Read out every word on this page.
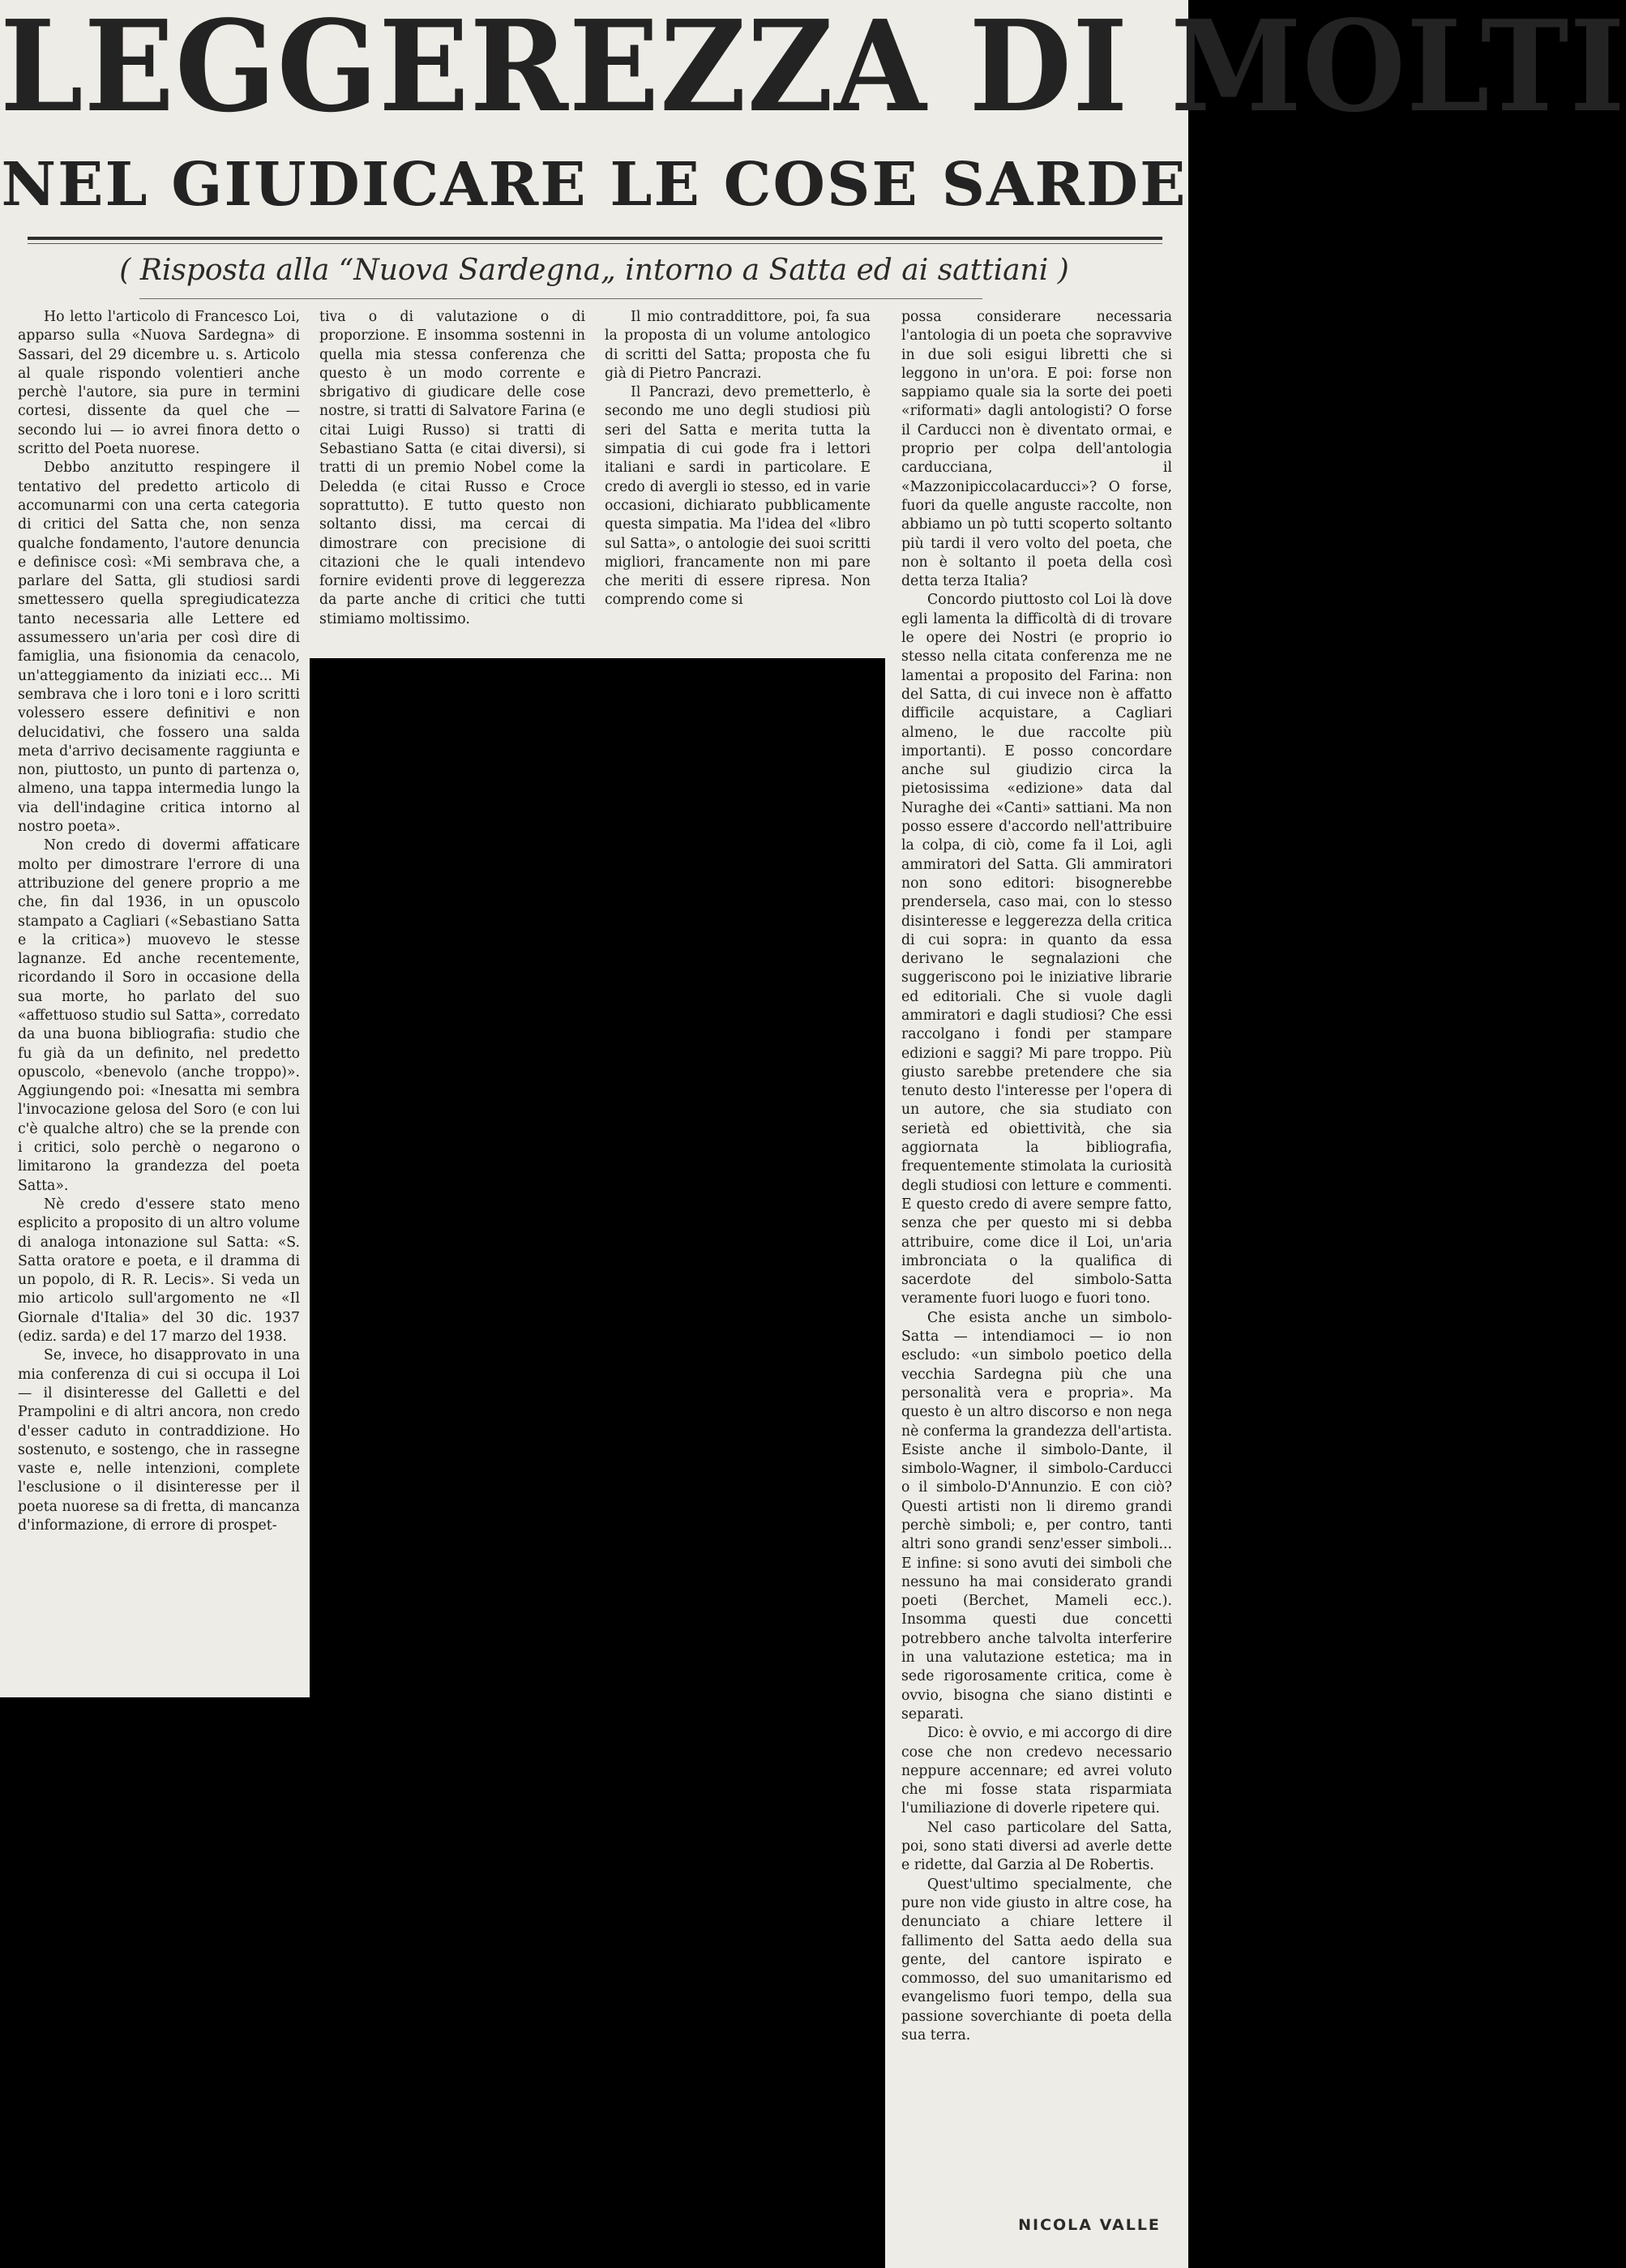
LEGGEREZZA DI MOLTI
NEL GIUDICARE LE COSE SARDE
( Risposta alla “Nuova Sardegna„ intorno a Satta ed ai sattiani )

Ho letto l'articolo di Francesco Loi, apparso sulla «Nuova Sardegna» di Sassari, del 29 dicembre u. s. Articolo al quale rispondo volentieri anche perchè l'autore, sia pure in termini cortesi, dissente da quel che — secondo lui — io avrei finora detto o scritto del Poeta nuorese.

Debbo anzitutto respingere il tentativo del predetto articolo di accomunarmi con una certa categoria di critici del Satta che, non senza qualche fondamento, l'autore denuncia e definisce così: «Mi sembrava che, a parlare del Satta, gli studiosi sardi smettessero quella spregiudicatezza tanto necessaria alle Lettere ed assumessero un'aria per così dire di famiglia, una fisionomia da cenacolo, un'atteggiamento da iniziati ecc... Mi sembrava che i loro toni e i loro scritti volessero essere definitivi e non delucidativi, che fossero una salda meta d'arrivo decisamente raggiunta e non, piuttosto, un punto di partenza o, almeno, una tappa intermedia lungo la via dell'indagine critica intorno al nostro poeta».

Non credo di dovermi affaticare molto per dimostrare l'errore di una attribuzione del genere proprio a me che, fin dal 1936, in un opuscolo stampato a Cagliari («Sebastiano Satta e la critica») muovevo le stesse lagnanze. Ed anche recentemente, ricordando il Soro in occasione della sua morte, ho parlato del suo «affettuoso studio sul Satta», corredato da una buona bibliografia: studio che fu già da un definito, nel predetto opuscolo, «benevolo (anche troppo)». Aggiungendo poi: «Inesatta mi sembra l'invocazione gelosa del Soro (e con lui c'è qualche altro) che se la prende con i critici, solo perchè o negarono o limitarono la grandezza del poeta Satta».

Nè credo d'essere stato meno esplicito a proposito di un altro volume di analoga intonazione sul Satta: «S. Satta oratore e poeta, e il dramma di un popolo, di R. R. Lecis». Si veda un mio articolo sull'argomento ne «Il Giornale d'Italia» del 30 dic. 1937 (ediz. sarda) e del 17 marzo del 1938.

Se, invece, ho disapprovato in una mia conferenza di cui si occupa il Loi — il disinteresse del Galletti e del Prampolini e di altri ancora, non credo d'esser caduto in contraddizione. Ho sostenuto, e sostengo, che in rassegne vaste e, nelle intenzioni, complete l'esclusione o il disinteresse per il poeta nuorese sa di fretta, di mancanza d'informazione, di errore di prospet-

tiva o di valutazione o di proporzione. E insomma sostenni in quella mia stessa conferenza che questo è un modo corrente e sbrigativo di giudicare delle cose nostre, si tratti di Salvatore Farina (e citai Luigi Russo) si tratti di Sebastiano Satta (e citai diversi), si tratti di un premio Nobel come la Deledda (e citai Russo e Croce soprattutto). E tutto questo non soltanto dissi, ma cercai di dimostrare con precisione di citazioni che le quali intendevo fornire evidenti prove di leggerezza da parte anche di critici che tutti stimiamo moltissimo.

Il mio contraddittore, poi, fa sua la proposta di un volume antologico di scritti del Satta; proposta che fu già di Pietro Pancrazi.

Il Pancrazi, devo premetterlo, è secondo me uno degli studiosi più seri del Satta e merita tutta la simpatia di cui gode fra i lettori italiani e sardi in particolare. E credo di avergli io stesso, ed in varie occasioni, dichiarato pubblicamente questa simpatia. Ma l'idea del «libro sul Satta», o antologie dei suoi scritti migliori, francamente non mi pare che meriti di essere ripresa. Non comprendo come si

possa considerare necessaria l'antologia di un poeta che sopravvive in due soli esigui libretti che si leggono in un'ora. E poi: forse non sappiamo quale sia la sorte dei poeti «riformati» dagli antologisti? O forse il Carducci non è diventato ormai, e proprio per colpa dell'antologia carducciana, il «Mazzonipiccolacarducci»? O forse, fuori da quelle anguste raccolte, non abbiamo un pò tutti scoperto soltanto più tardi il vero volto del poeta, che non è soltanto il poeta della così detta terza Italia?

Concordo piuttosto col Loi là dove egli lamenta la difficoltà di di trovare le opere dei Nostri (e proprio io stesso nella citata conferenza me ne lamentai a proposito del Farina: non del Satta, di cui invece non è affatto difficile acquistare, a Cagliari almeno, le due raccolte più importanti). E posso concordare anche sul giudizio circa la pietosissima «edizione» data dal Nuraghe dei «Canti» sattiani. Ma non posso essere d'accordo nell'attribuire la colpa, di ciò, come fa il Loi, agli ammiratori del Satta. Gli ammiratori non sono editori: bisognerebbe prendersela, caso mai, con lo stesso disinteresse e leggerezza della critica di cui sopra: in quanto da essa derivano le segnalazioni che suggeriscono poi le iniziative librarie ed editoriali. Che si vuole dagli ammiratori e dagli studiosi? Che essi raccolgano i fondi per stampare edizioni e saggi? Mi pare troppo. Più giusto sarebbe pretendere che sia tenuto desto l'interesse per l'opera di un autore, che sia studiato con serietà ed obiettività, che sia aggiornata la bibliografia, frequentemente stimolata la curiosità degli studiosi con letture e commenti. E questo credo di avere sempre fatto, senza che per questo mi si debba attribuire, come dice il Loi, un'aria imbronciata o la qualifica di sacerdote del simbolo-Satta veramente fuori luogo e fuori tono.

Che esista anche un simbolo-Satta — intendiamoci — io non escludo: «un simbolo poetico della vecchia Sardegna più che una personalità vera e propria». Ma questo è un altro discorso e non nega nè conferma la grandezza dell'artista. Esiste anche il simbolo-Dante, il simbolo-Wagner, il simbolo-Carducci o il simbolo-D'Annunzio. E con ciò? Questi artisti non li diremo grandi perchè simboli; e, per contro, tanti altri sono grandi senz'esser simboli... E infine: si sono avuti dei simboli che nessuno ha mai considerato grandi poeti (Berchet, Mameli ecc.). Insomma questi due concetti potrebbero anche talvolta interferire in una valutazione estetica; ma in sede rigorosamente critica, come è ovvio, bisogna che siano distinti e separati.

Dico: è ovvio, e mi accorgo di dire cose che non credevo necessario neppure accennare; ed avrei voluto che mi fosse stata risparmiata l'umiliazione di doverle ripetere qui.

Nel caso particolare del Satta, poi, sono stati diversi ad averle dette e ridette, dal Garzia al De Robertis.

Quest'ultimo specialmente, che pure non vide giusto in altre cose, ha denunciato a chiare lettere il fallimento del Satta aedo della sua gente, del cantore ispirato e commosso, del suo umanitarismo ed evangelismo fuori tempo, della sua passione soverchiante di poeta della sua terra.

NICOLA VALLE
